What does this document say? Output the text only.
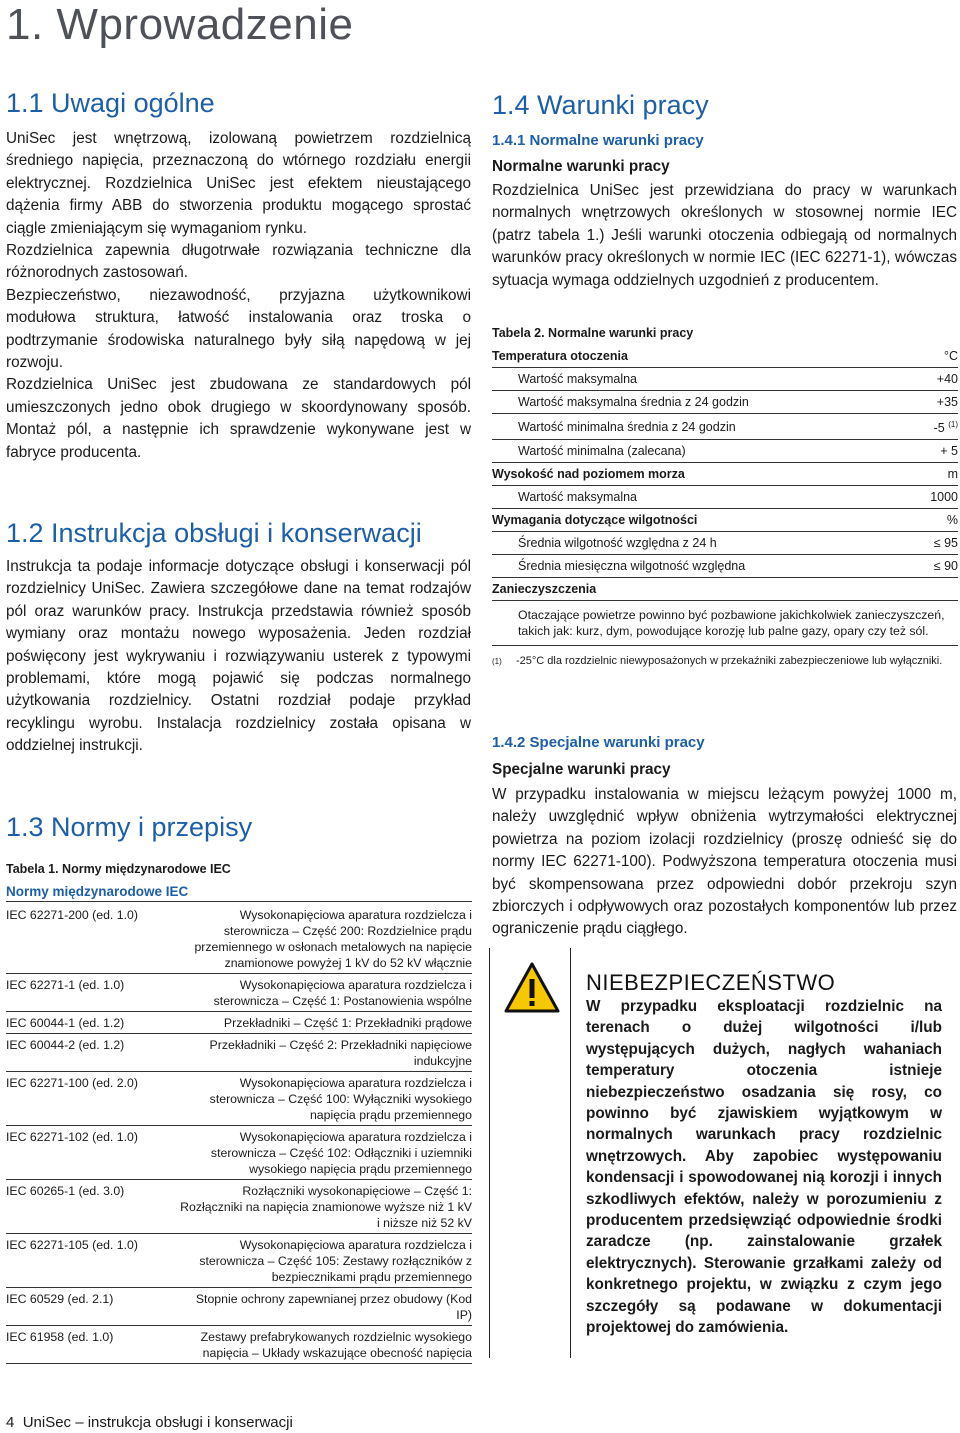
1. Wprowadzenie
1.1 Uwagi ogólne

UniSec jest wnętrzową, izolowaną powietrzem rozdzielnicą średniego napięcia, przeznaczoną do wtórnego rozdziału energii elektrycznej. Rozdzielnica UniSec jest efektem nieustającego dążenia firmy ABB do stworzenia produktu mogącego sprostać ciągle zmieniającym się wymaganiom rynku.

Rozdzielnica zapewnia długotrwałe rozwiązania techniczne dla różnorodnych zastosowań.

Bezpieczeństwo, niezawodność, przyjazna użytkownikowi modułowa struktura, łatwość instalowania oraz troska o podtrzymanie środowiska naturalnego były siłą napędową w jej rozwoju.

Rozdzielnica UniSec jest zbudowana ze standardowych pól umieszczonych jedno obok drugiego w skoordynowany sposób. Montaż pól, a następnie ich sprawdzenie wykonywane jest w fabryce producenta.

1.2 Instrukcja obsługi i konserwacji

Instrukcja ta podaje informacje dotyczące obsługi i konserwacji pól rozdzielnicy UniSec. Zawiera szczegółowe dane na temat rodzajów pól oraz warunków pracy. Instrukcja przedstawia również sposób wymiany oraz montażu nowego wyposażenia. Jeden rozdział poświęcony jest wykrywaniu i rozwiązywaniu usterek z typowymi problemami, które mogą pojawić się podczas normalnego użytkowania rozdzielnicy. Ostatni rozdział podaje przykład recyklingu wyrobu. Instalacja rozdzielnicy została opisana w oddzielnej instrukcji.

1.3 Normy i przepisy
Tabela 1. Normy międzynarodowe IEC
Normy międzynarodowe IEC
IEC 62271-200 (ed. 1.0)	Wysokonapięciowa aparatura rozdzielcza i sterownicza – Część 200: Rozdzielnice prądu przemiennego w osłonach metalowych na napięcie znamionowe powyżej 1 kV do 52 kV włącznie
IEC 62271-1 (ed. 1.0)	Wysokonapięciowa aparatura rozdzielcza i sterownicza – Część 1: Postanowienia wspólne
IEC 60044-1 (ed. 1.2)	Przekładniki – Część 1: Przekładniki prądowe
IEC 60044-2 (ed. 1.2)	Przekładniki – Część 2: Przekładniki napięciowe indukcyjne
IEC 62271-100 (ed. 2.0)	Wysokonapięciowa aparatura rozdzielcza i sterownicza – Część 100: Wyłączniki wysokiego napięcia prądu przemiennego
IEC 62271-102 (ed. 1.0)	Wysokonapięciowa aparatura rozdzielcza i sterownicza – Część 102: Odłączniki i uziemniki wysokiego napięcia prądu przemiennego
IEC 60265-1 (ed. 3.0)	Rozłączniki wysokonapięciowe – Część 1: Rozłączniki na napięcia znamionowe wyższe niż 1 kV i niższe niż 52 kV
IEC 62271-105 (ed. 1.0)	Wysokonapięciowa aparatura rozdzielcza i sterownicza – Część 105: Zestawy rozłączników z bezpiecznikami prądu przemiennego
IEC 60529 (ed. 2.1)	Stopnie ochrony zapewnianej przez obudowy (Kod IP)
IEC 61958 (ed. 1.0)	Zestawy prefabrykowanych rozdzielnic wysokiego napięcia – Układy wskazujące obecność napięcia
1.4 Warunki pracy
1.4.1 Normalne warunki pracy
Normalne warunki pracy

Rozdzielnica UniSec jest przewidziana do pracy w warunkach normalnych wnętrzowych określonych w stosownej normie IEC (patrz tabela 1.) Jeśli warunki otoczenia odbiegają od normalnych warunków pracy określonych w normie IEC (IEC 62271-1), wówczas sytuacja wymaga oddzielnych uzgodnień z producentem.

Tabela 2. Normalne warunki pracy
Temperatura otoczenia	°C
Wartość maksymalna	+40
Wartość maksymalna średnia z 24 godzin	+35
Wartość minimalna średnia z 24 godzin	-5 $^{(1)}$
Wartość minimalna (zalecana)	+ 5
Wysokość nad poziomem morza	m
Wartość maksymalna	1000
Wymagania dotyczące wilgotności	%
Średnia wilgotność względna z 24 h	≤ 95
Średnia miesięczna wilgotność względna	≤ 90
Zanieczyszczenia	
Otaczające powietrze powinno być pozbawione jakichkolwiek zanieczyszczeń, takich jak: kurz, dym, powodujące korozję lub palne gazy, opary czy też sól.	
(1)	-25°C dla rozdzielnic niewyposażonych w przekaźniki zabezpieczeniowe lub wyłączniki.
1.4.2 Specjalne warunki pracy
Specjalne warunki pracy

W przypadku instalowania w miejscu leżącym powyżej 1000 m, należy uwzględnić wpływ obniżenia wytrzymałości elektrycznej powietrza na poziom izolacji rozdzielnicy (proszę odnieść się do normy IEC 62271-100). Podwyższona temperatura otoczenia musi być skompensowana przez odpowiedni dobór przekroju szyn zbiorczych i odpływowych oraz pozostałych komponentów lub przez ograniczenie prądu ciągłego.

NIEBEZPIECZEŃSTWO

W przypadku eksploatacji rozdzielnic na terenach o dużej wilgotności i/lub występujących dużych, nagłych wahaniach temperatury otoczenia istnieje niebezpieczeństwo osadzania się rosy, co powinno być zjawiskiem wyjątkowym w normalnych warunkach pracy rozdzielnic wnętrzowych. Aby zapobiec występowaniu kondensacji i spowodowanej nią korozji i innych szkodliwych efektów, należy w porozumieniu z producentem przedsięwziąć odpowiednie środki zaradcze (np. zainstalowanie grzałek elektrycznych). Sterowanie grzałkami zależy od konkretnego projektu, w związku z czym jego szczegóły są podawane w dokumentacji projektowej do zamówienia.

4 UniSec – instrukcja obsługi i konserwacji
